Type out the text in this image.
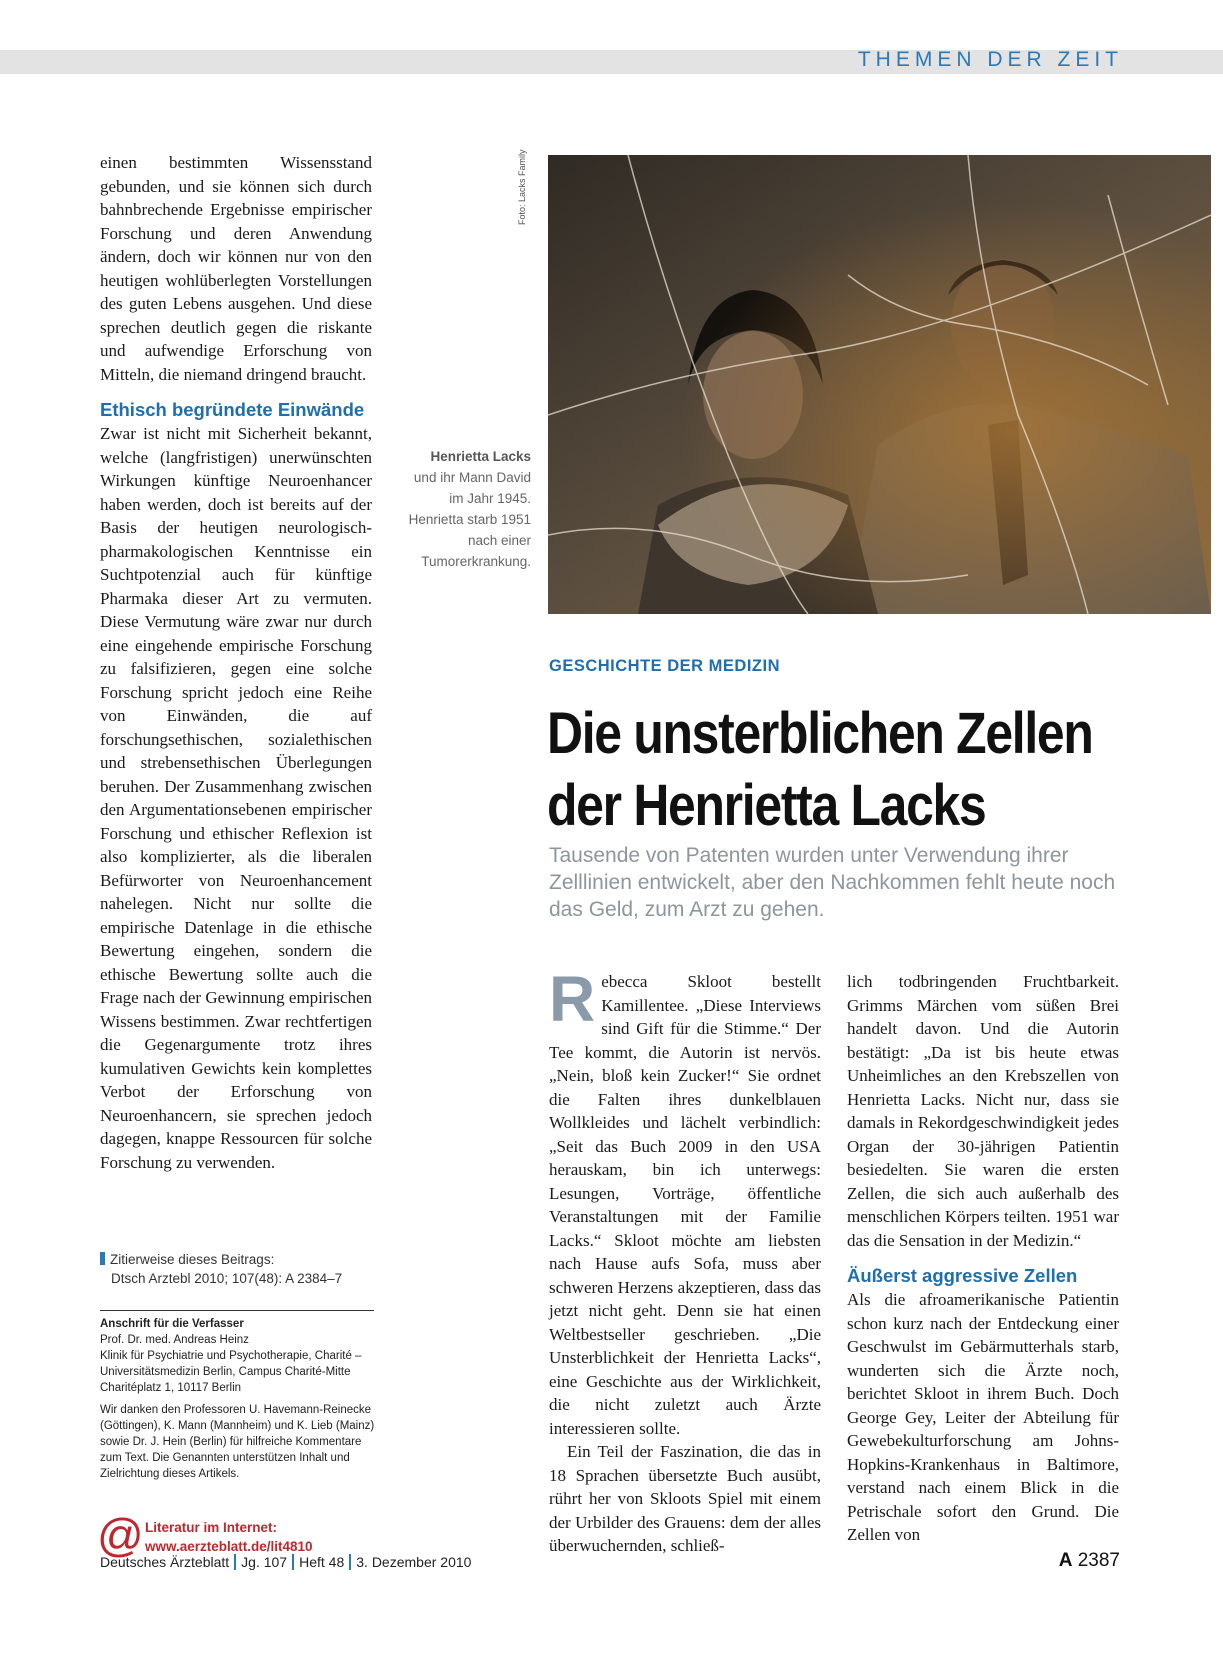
THEMEN DER ZEIT

einen bestimmten Wissensstand gebunden, und sie können sich durch bahnbrechende Ergebnisse empirischer Forschung und deren Anwendung ändern, doch wir können nur von den heutigen wohlüberlegten Vorstellungen des guten Lebens ausgehen. Und diese sprechen deutlich gegen die riskante und aufwendige Erforschung von Mitteln, die niemand dringend braucht.

Ethisch begründete Einwände

Zwar ist nicht mit Sicherheit bekannt, welche (langfristigen) unerwünschten Wirkungen künftige Neuroenhancer haben werden, doch ist bereits auf der Basis der heutigen neurologisch-pharmakologischen Kenntnisse ein Suchtpotenzial auch für künftige Pharmaka dieser Art zu vermuten. Diese Vermutung wäre zwar nur durch eine eingehende empirische Forschung zu falsifizieren, gegen eine solche Forschung spricht jedoch eine Reihe von Einwänden, die auf forschungsethischen, sozialethischen und strebensethischen Überlegungen beruhen. Der Zusammenhang zwischen den Argumentationsebenen empirischer Forschung und ethischer Reflexion ist also komplizierter, als die liberalen Befürworter von Neuroenhancement nahelegen. Nicht nur sollte die empirische Datenlage in die ethische Bewertung eingehen, sondern die ethische Bewertung sollte auch die Frage nach der Gewinnung empirischen Wissens bestimmen. Zwar rechtfertigen die Gegenargumente trotz ihres kumulativen Gewichts kein komplettes Verbot der Erforschung von Neuroenhancern, sie sprechen jedoch dagegen, knappe Ressourcen für solche Forschung zu verwenden.

Zitierweise dieses Beitrags:
Dtsch Arztebl 2010; 107(48): A 2384–7

Anschrift für die Verfasser

Prof. Dr. med. Andreas Heinz
Klinik für Psychiatrie und Psychotherapie, Charité – Universitätsmedizin Berlin, Campus Charité-Mitte
Charitéplatz 1, 10117 Berlin

Wir danken den Professoren U. Havemann-Reinecke (Göttingen), K. Mann (Mannheim) und K. Lieb (Mainz) sowie Dr. J. Hein (Berlin) für hilfreiche Kommentare zum Text. Die Genannten unterstützen Inhalt und Zielrichtung dieses Artikels.

@ Literatur im Internet:
www.aerzteblatt.de/lit4810
Foto: Lacks Family
Henrietta Lacks
und ihr Mann David im Jahr 1945. Henrietta starb 1951 nach einer Tumorerkrankung.
GESCHICHTE DER MEDIZIN
Die unsterblichen Zellen
der Henrietta Lacks
Tausende von Patenten wurden unter Verwendung ihrer Zelllinien entwickelt, aber den Nachkommen fehlt heute noch das Geld, zum Arzt zu gehen.

Rebecca Skloot bestellt Kamillentee. „Diese Interviews sind Gift für die Stimme.“ Der Tee kommt, die Autorin ist nervös. „Nein, bloß kein Zucker!“ Sie ordnet die Falten ihres dunkelblauen Wollkleides und lächelt verbindlich: „Seit das Buch 2009 in den USA herauskam, bin ich unterwegs: Lesungen, Vorträge, öffentliche Veranstaltungen mit der Familie Lacks.“ Skloot möchte am liebsten nach Hause aufs Sofa, muss aber schweren Herzens akzeptieren, dass das jetzt nicht geht. Denn sie hat einen Weltbestseller geschrieben. „Die Unsterblichkeit der Henrietta Lacks“, eine Geschichte aus der Wirklichkeit, die nicht zuletzt auch Ärzte interessieren sollte.

Ein Teil der Faszination, die das in 18 Sprachen übersetzte Buch ausübt, rührt her von Skloots Spiel mit einem der Urbilder des Grauens: dem der alles überwuchernden, schließ-

lich todbringenden Fruchtbarkeit. Grimms Märchen vom süßen Brei handelt davon. Und die Autorin bestätigt: „Da ist bis heute etwas Unheimliches an den Krebszellen von Henrietta Lacks. Nicht nur, dass sie damals in Rekordgeschwindigkeit jedes Organ der 30-jährigen Patientin besiedelten. Sie waren die ersten Zellen, die sich auch außerhalb des menschlichen Körpers teilten. 1951 war das die Sensation in der Medizin.“

Äußerst aggressive Zellen

Als die afroamerikanische Patientin schon kurz nach der Entdeckung einer Geschwulst im Gebärmutterhals starb, wunderten sich die Ärzte noch, berichtet Skloot in ihrem Buch. Doch George Gey, Leiter der Abteilung für Gewebekulturforschung am Johns-Hopkins-Krankenhaus in Baltimore, verstand nach einem Blick in die Petrischale sofort den Grund. Die Zellen von

Deutsches Ärzteblatt Jg. 107 Heft 48 3. Dezember 2010	A 2387
